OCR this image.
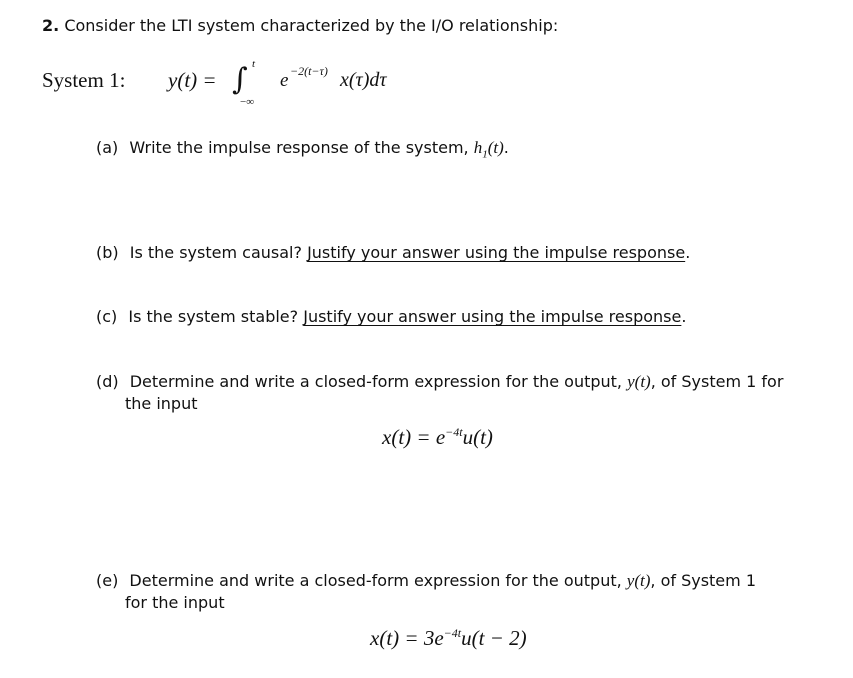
2. Consider the LTI system characterized by the I/O relationship:
System 1: y(t) = ∫ t
−∞
e −2(t−τ) x(τ)dτ
(a) Write the impulse response of the system, $h_1(t)$.
(b) Is the system causal? Justify your answer using the impulse response.
(c) Is the system stable? Justify your answer using the impulse response.
(d) Determine and write a closed-form expression for the output, y(t), of System 1 for
the input
$x(t) = e^{-4t}u(t)$
(e) Determine and write a closed-form expression for the output, y(t), of System 1
for the input
$x(t) = 3e^{-4t}u(t - 2)$
